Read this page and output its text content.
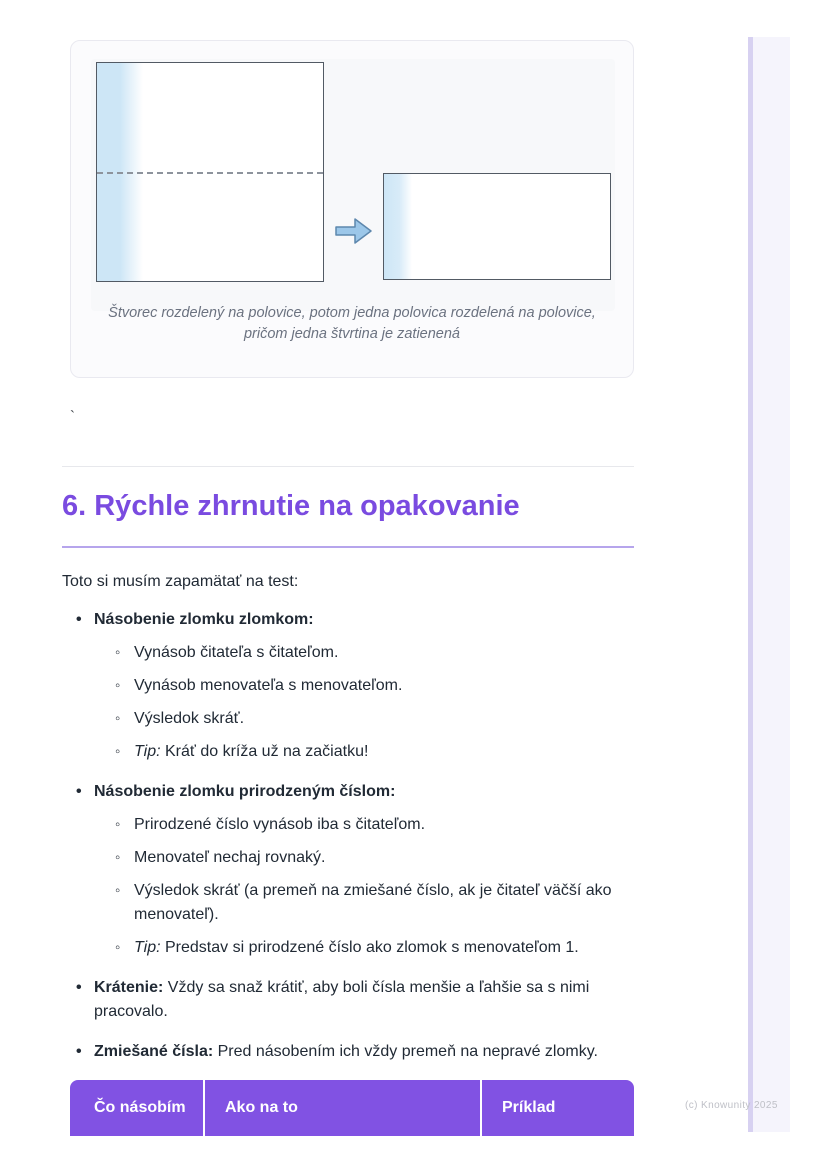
(c) Knowunity 2025
Štvorec rozdelený na polovice, potom jedna polovica rozdelená na polovice,
pričom jedna štvrtina je zatienená
`
6. Rýchle zhrnutie na opakovanie

Toto si musím zapamätať na test:

• Násobenie zlomku zlomkom:
◦ Vynásob čitateľa s čitateľom.
◦ Vynásob menovateľa s menovateľom.
◦ Výsledok skráť.
◦ Tip: Kráť do kríža už na začiatku!
• Násobenie zlomku prirodzeným číslom:
◦ Prirodzené číslo vynásob iba s čitateľom.
◦ Menovateľ nechaj rovnaký.
◦ Výsledok skráť (a premeň na zmiešané číslo, ak je čitateľ väčší ako menovateľ).
◦ Tip: Predstav si prirodzené číslo ako zlomok s menovateľom 1.
• Krátenie: Vždy sa snaž krátiť, aby boli čísla menšie a ľahšie sa s nimi pracovalo.
• Zmiešané čísla: Pred násobením ich vždy premeň na nepravé zlomky.
Čo násobím	Ako na to	Príklad
